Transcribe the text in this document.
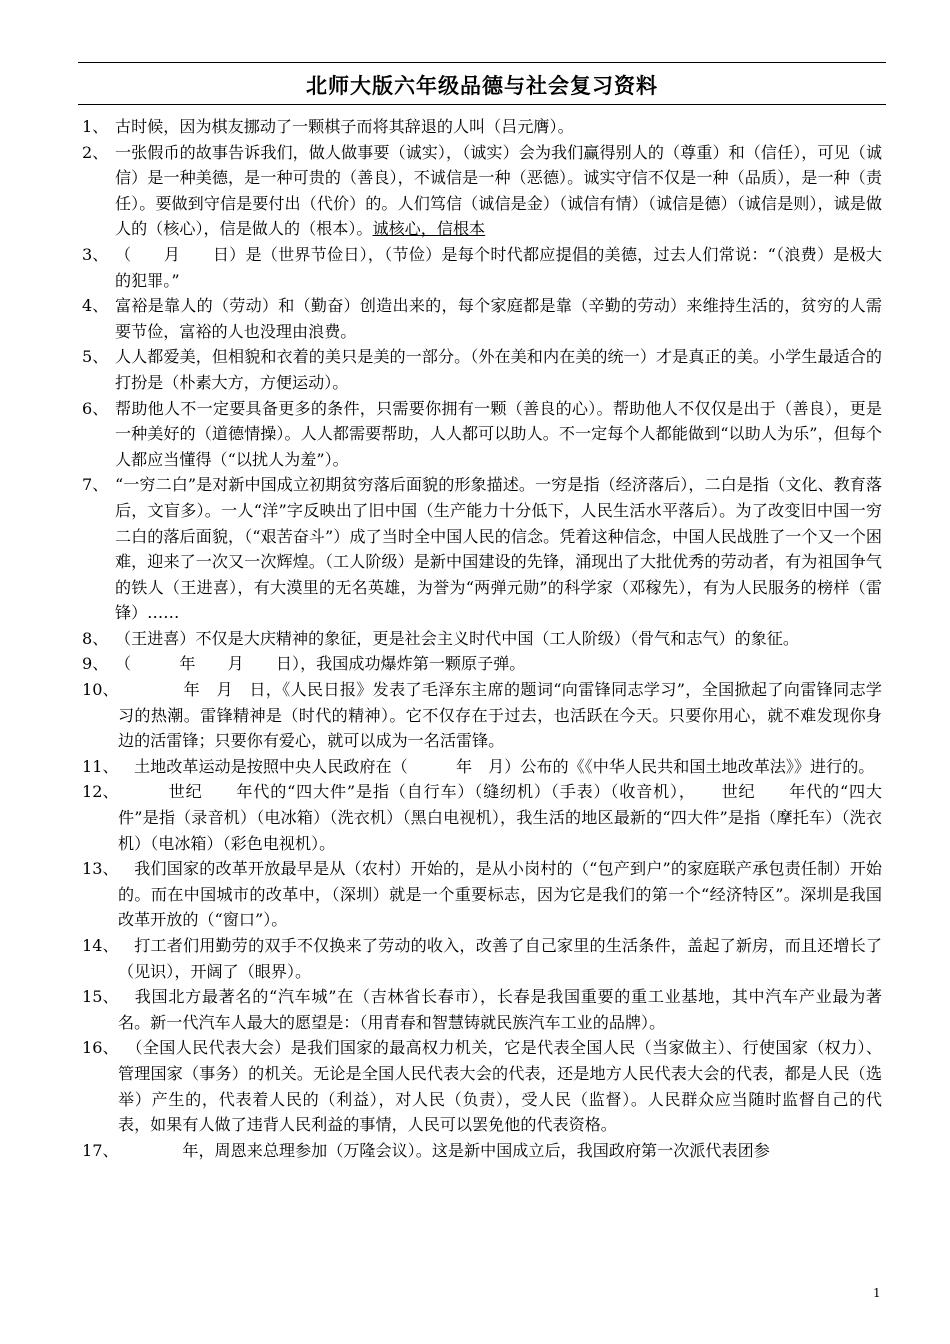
北师大版六年级品德与社会复习资料
1、 古时候，因为棋友挪动了一颗棋子而将其辞退的人叫（吕元膺）。
2、 一张假币的故事告诉我们，做人做事要（诚实），（诚实）会为我们赢得别人的（尊重）和（信任），可见（诚信）是一种美德，是一种可贵的（善良），不诚信是一种（恶德）。诚实守信不仅是一种（品质），是一种（责任）。要做到守信是要付出（代价）的。人们笃信（诚信是金）（诚信有情）（诚信是德）（诚信是则），诚是做人的（核心），信是做人的（根本）。诚核心，信根本
3、 （　　月　　日）是（世界节俭日），（节俭）是每个时代都应提倡的美德，过去人们常说：“（浪费）是极大的犯罪。”
4、 富裕是靠人的（劳动）和（勤奋）创造出来的，每个家庭都是靠（辛勤的劳动）来维持生活的，贫穷的人需要节俭，富裕的人也没理由浪费。
5、 人人都爱美，但相貌和衣着的美只是美的一部分。（外在美和内在美的统一）才是真正的美。小学生最适合的打扮是（朴素大方，方便运动）。
6、 帮助他人不一定要具备更多的条件，只需要你拥有一颗（善良的心）。帮助他人不仅仅是出于（善良），更是一种美好的（道德情操）。人人都需要帮助，人人都可以助人。不一定每个人都能做到“以助人为乐”，但每个人都应当懂得（“以扰人为羞”）。
7、 “一穷二白”是对新中国成立初期贫穷落后面貌的形象描述。一穷是指（经济落后），二白是指（文化、教育落后，文盲多）。一人“洋”字反映出了旧中国（生产能力十分低下，人民生活水平落后）。为了改变旧中国一穷二白的落后面貌，（“艰苦奋斗”）成了当时全中国人民的信念。凭着这种信念，中国人民战胜了一个又一个困难，迎来了一次又一次辉煌。（工人阶级）是新中国建设的先锋，涌现出了大批优秀的劳动者，有为祖国争气的铁人（王进喜），有大漠里的无名英雄，为誉为“两弹元勋”的科学家（邓稼先），有为人民服务的榜样（雷锋）……
8、 （王进喜）不仅是大庆精神的象征，更是社会主义时代中国（工人阶级）（骨气和志气）的象征。
9、 （　　　年　　月　　日），我国成功爆炸第一颗原子弹。
10、 　　　　年　月　日，《人民日报》发表了毛泽东主席的题词“向雷锋同志学习”，全国掀起了向雷锋同志学习的热潮。雷锋精神是（时代的精神）。它不仅存在于过去，也活跃在今天。只要你用心，就不难发现你身边的活雷锋；只要你有爱心，就可以成为一名活雷锋。
11、 　土地改革运动是按照中央人民政府在（　　　年　月）公布的《《中华人民共和国土地改革法》》进行的。
12、 　　　世纪　　年代的“四大件”是指（自行车）（缝纫机）（手表）（收音机），　　世纪　　年代的“四大件”是指（录音机）（电冰箱）（洗衣机）（黑白电视机），我生活的地区最新的“四大件”是指（摩托车）（洗衣机）（电冰箱）（彩色电视机）。
13、 　我们国家的改革开放最早是从（农村）开始的，是从小岗村的（“包产到户”的家庭联产承包责任制）开始的。而在中国城市的改革中，（深圳）就是一个重要标志，因为它是我们的第一个“经济特区”。深圳是我国改革开放的（“窗口”）。
14、 　打工者们用勤劳的双手不仅换来了劳动的收入，改善了自己家里的生活条件，盖起了新房，而且还增长了（见识），开阔了（眼界）。
15、 　我国北方最著名的“汽车城”在（吉林省长春市），长春是我国重要的重工业基地，其中汽车产业最为著名。新一代汽车人最大的愿望是：（用青春和智慧铸就民族汽车工业的品牌）。
16、 　（全国人民代表大会）是我们国家的最高权力机关，它是代表全国人民（当家做主）、行使国家（权力）、管理国家（事务）的机关。无论是全国人民代表大会的代表，还是地方人民代表大会的代表，都是人民（选举）产生的，代表着人民的（利益），对人民（负责），受人民（监督）。人民群众应当随时监督自己的代表，如果有人做了违背人民利益的事情，人民可以罢免他的代表资格。
17、 　　　　年，周恩来总理参加（万隆会议）。这是新中国成立后，我国政府第一次派代表团参
1
